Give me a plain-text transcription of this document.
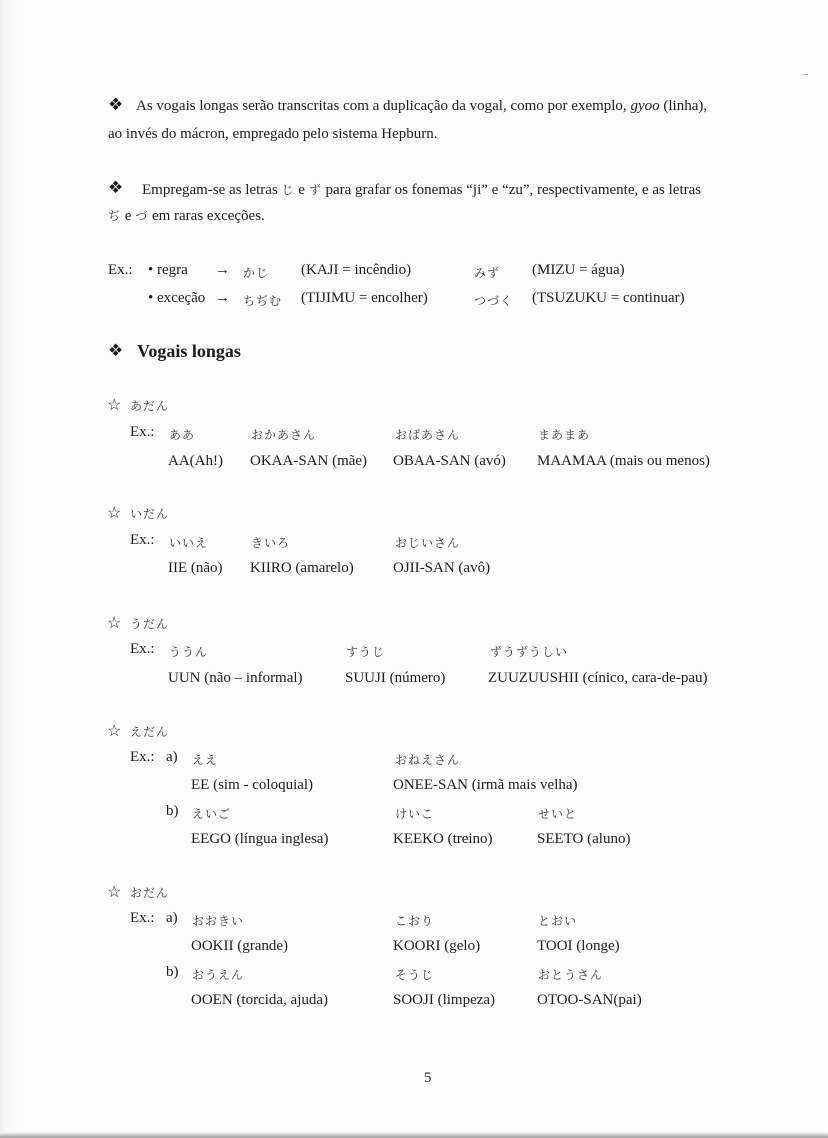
❖ As vogais longas serão transcritas com a duplicação da vogal, como por exemplo, gyoo (linha),
ao invés do mácron, empregado pelo sistema Hepburn.
❖ Empregam-se as letras じ e ず para grafar os fonemas “ji” e “zu”, respectivamente, e as letras
ぢ e づ em raras exceções.
Ex.: • regra → かじ (KAJI = incêndio)	みず (MIZU = água)
• exceção → ちぢむ (TIJIMU = encolher)	つづく (TSUZUKU = continuar)
❖ Vogais longas
☆ あだん
Ex.: ああ	おかあさん	おばあさん	まあまあ
AA(Ah!) OKAA-SAN (mãe) OBAA-SAN (avó) MAAMAA (mais ou menos)
☆ いだん
Ex.: いいえ	きいろ	おじいさん
IIE (não) KIIRO (amarelo)	OJII-SAN (avô)
☆ うだん
Ex.: ううん	すうじ	ずうずうしい
UUN (não – informal)	SUUJI (número)	ZUUZUUSHII (cínico, cara-de-pau)
☆ えだん
Ex.: a) ええ	おねえさん
EE (sim - coloquial)	ONEE-SAN (irmã mais velha)
b) えいご	けいこ	せいと
EEGO (língua inglesa)	KEEKO (treino)	SEETO (aluno)
☆ おだん
Ex.: a) おおきい	こおり	とおい
OOKII (grande)	KOORI (gelo)	TOOI (longe)
b) おうえん	そうじ	おとうさん
OOEN (torcida, ajuda)	SOOJI (limpeza)	OTOO-SAN(pai)
5
